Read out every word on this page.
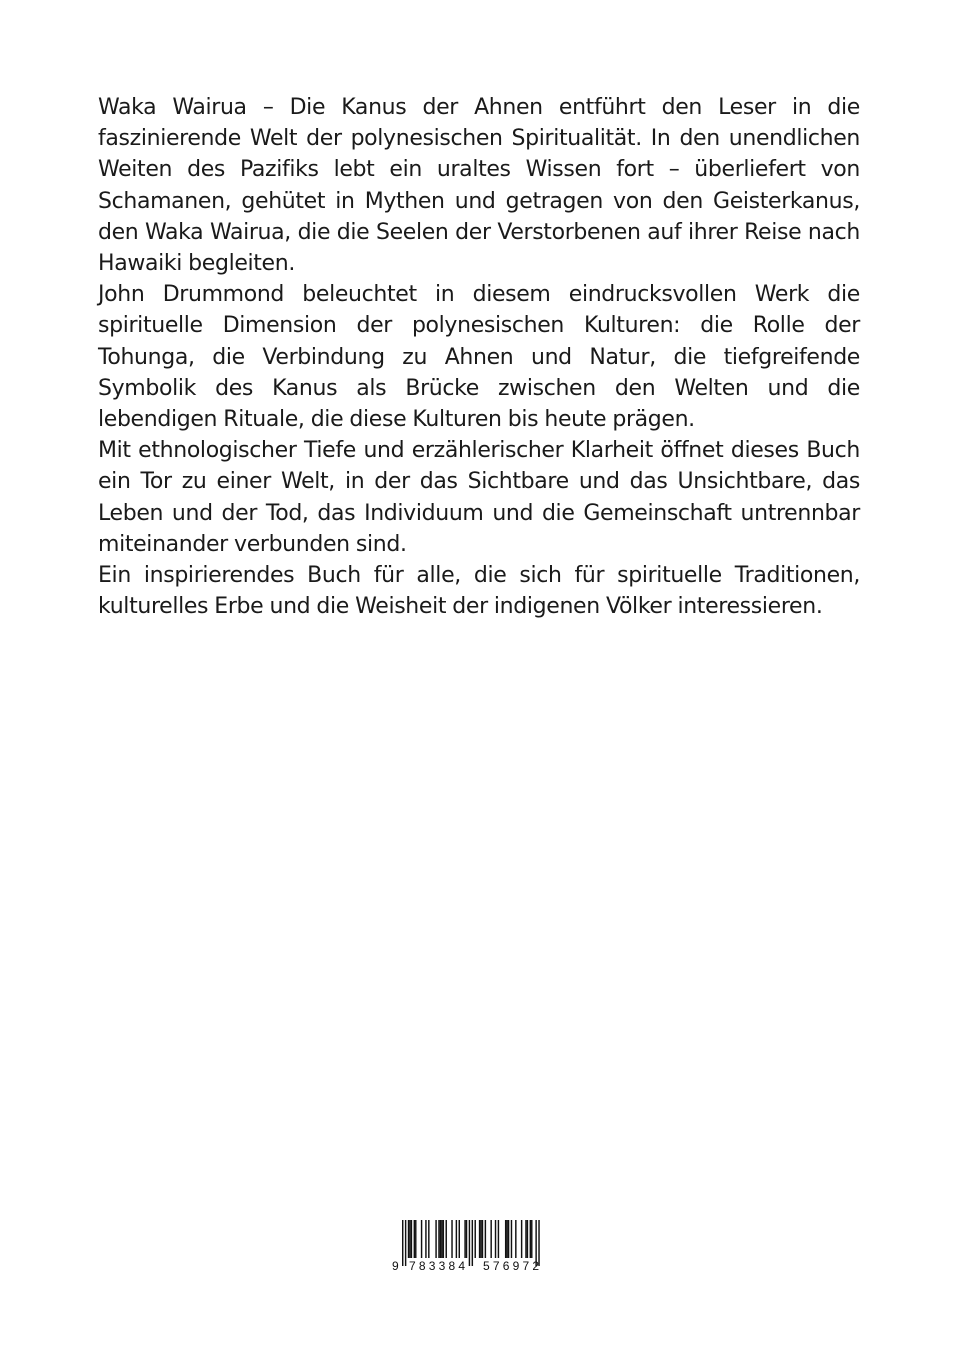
Waka Wairua – Die Kanus der Ahnen entführt den Leser in die faszinierende Welt der polynesischen Spiritualität. In den unendlichen Weiten des Pazifiks lebt ein uraltes Wissen fort – überliefert von Schamanen, gehütet in Mythen und getragen von den Geisterkanus, den Waka Wairua, die die Seelen der Verstorbenen auf ihrer Reise nach Hawaiki begleiten.

John Drummond beleuchtet in diesem eindrucksvollen Werk die spirituelle Dimension der polynesischen Kulturen: die Rolle der Tohunga, die Verbindung zu Ahnen und Natur, die tiefgreifende Symbolik des Kanus als Brücke zwischen den Welten und die lebendigen Rituale, die diese Kulturen bis heute prägen.

Mit ethnologischer Tiefe und erzählerischer Klarheit öffnet dieses Buch ein Tor zu einer Welt, in der das Sichtbare und das Unsichtbare, das Leben und der Tod, das Individuum und die Gemeinschaft untrennbar miteinander verbunden sind.

Ein inspirierendes Buch für alle, die sich für spirituelle Traditionen, kulturelles Erbe und die Weisheit der indigenen Völker interessieren.

9 783384 576972
